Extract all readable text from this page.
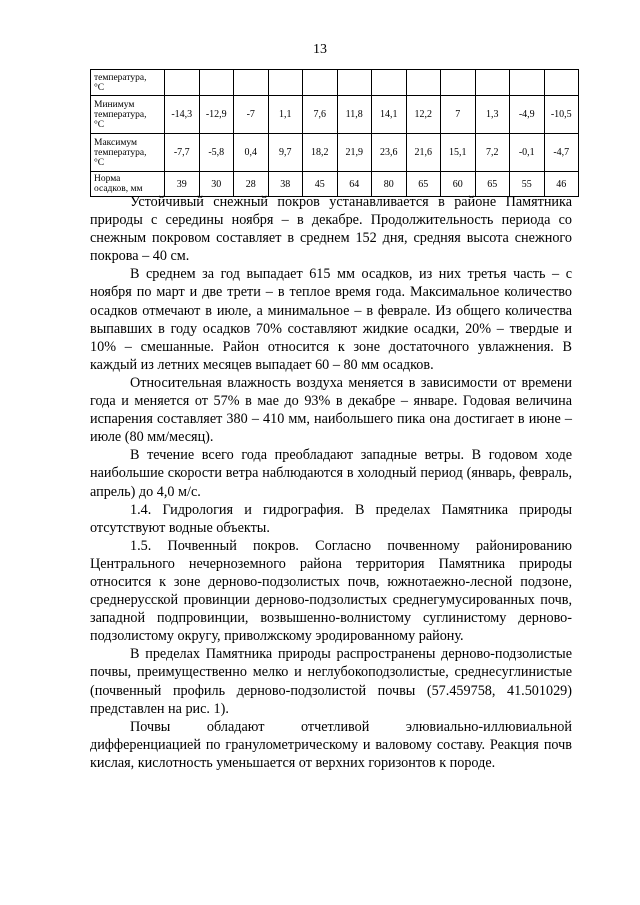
13
температура,
°С												

Минимум
температура,
°С	-14,3	-12,9	-7	1,1	7,6	11,8	14,1	12,2	7	1,3	-4,9	-10,5

Максимум
температура,
°С	-7,7	-5,8	0,4	9,7	18,2	21,9	23,6	21,6	15,1	7,2	-0,1	-4,7

Норма
осадков, мм	39	30	28	38	45	64	80	65	60	65	55	46

Устойчивый снежный покров устанавливается в районе Памятника природы с середины ноября – в декабре. Продолжительность периода со снежным покровом составляет в среднем 152 дня, средняя высота снежного покрова – 40 см.

В среднем за год выпадает 615 мм осадков, из них третья часть – с ноября по март и две трети – в теплое время года. Максимальное количество осадков отмечают в июле, а минимальное – в феврале. Из общего количества выпавших в году осадков 70% составляют жидкие осадки, 20% – твердые и 10% – смешанные. Район относится к зоне достаточного увлажнения. В каждый из летних месяцев выпадает 60 – 80 мм осадков.

Относительная влажность воздуха меняется в зависимости от времени года и меняется от 57% в мае до 93% в декабре – январе. Годовая величина испарения составляет 380 – 410 мм, наибольшего пика она достигает в июне – июле (80 мм/месяц).

В течение всего года преобладают западные ветры. В годовом ходе наибольшие скорости ветра наблюдаются в холодный период (январь, февраль, апрель) до 4,0 м/с.

1.4. Гидрология и гидрография. В пределах Памятника природы отсутствуют водные объекты.

1.5. Почвенный покров. Согласно почвенному районированию Центрального нечерноземного района территория Памятника природы относится к зоне дерново-подзолистых почв, южнотаежно-лесной подзоне, среднерусской провинции дерново-подзолистых среднегумусированных почв, западной подпровинции, возвышенно-волнистому суглинистому дерново-подзолистому округу, приволжскому эродированному району.

В пределах Памятника природы распространены дерново-подзолистые почвы, преимущественно мелко и неглубокоподзолистые, среднесуглинистые (почвенный профиль дерново-подзолистой почвы (57.459758, 41.501029) представлен на рис. 1).

Почвы обладают отчетливой элювиально-иллювиальной дифференциацией по гранулометрическому и валовому составу. Реакция почв кислая, кислотность уменьшается от верхних горизонтов к породе.
